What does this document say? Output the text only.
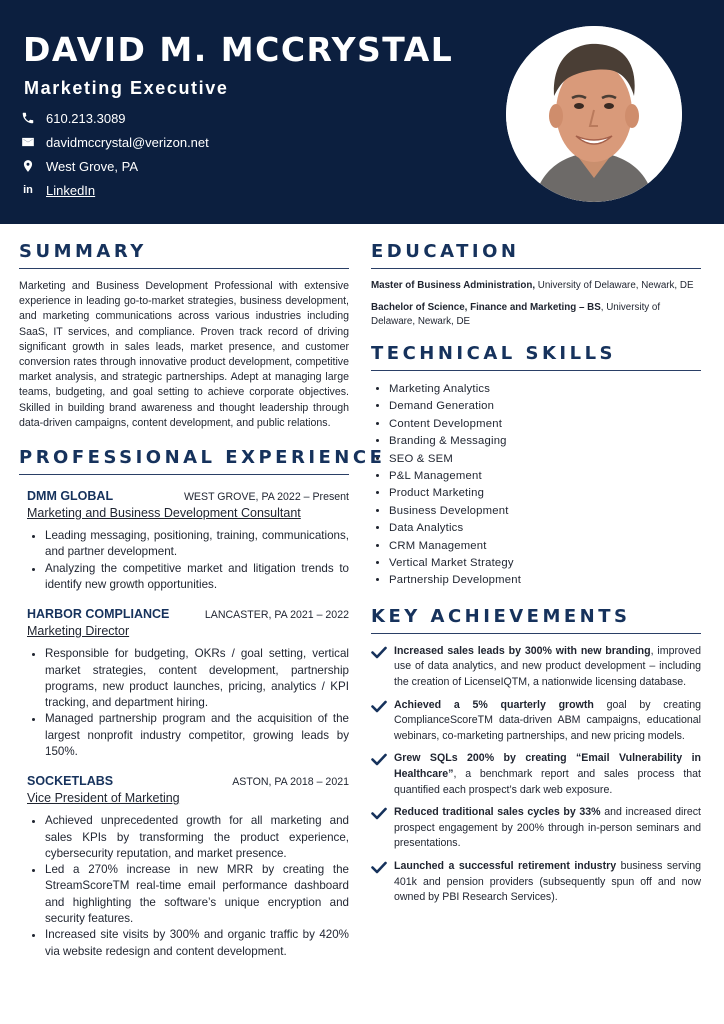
DAVID M. MCCRYSTAL
Marketing Executive
610.213.3089
davidmccrystal@verizon.net
West Grove, PA
in LinkedIn
SUMMARY

Marketing and Business Development Professional with extensive experience in leading go-to-market strategies, business development, and marketing communications across various industries including SaaS, IT services, and compliance. Proven track record of driving significant growth in sales leads, market presence, and customer conversion rates through innovative product development, competitive market analysis, and strategic partnerships. Adept at managing large teams, budgeting, and goal setting to achieve corporate objectives. Skilled in building brand awareness and thought leadership through data-driven campaigns, content development, and public relations.

PROFESSIONAL EXPERIENCE
DMM GLOBAL	WEST GROVE, PA 2022 – Present
Marketing and Business Development Consultant
• Leading messaging, positioning, training, communications, and partner development.
• Analyzing the competitive market and litigation trends to identify new growth opportunities.
HARBOR COMPLIANCE	LANCASTER, PA 2021 – 2022
Marketing Director
• Responsible for budgeting, OKRs / goal setting, vertical market strategies, content development, partnership programs, new product launches, pricing, analytics / KPI tracking, and department hiring.
• Managed partnership program and the acquisition of the largest nonprofit industry competitor, growing leads by 150%.
SOCKETLABS	ASTON, PA 2018 – 2021
Vice President of Marketing
• Achieved unprecedented growth for all marketing and sales KPIs by transforming the product experience, cybersecurity reputation, and market presence.
• Led a 270% increase in new MRR by creating the StreamScoreTM real-time email performance dashboard and highlighting the software’s unique encryption and security features.
• Increased site visits by 300% and organic traffic by 420% via website redesign and content development.
EDUCATION
Master of Business Administration, University of Delaware, Newark, DE
Bachelor of Science, Finance and Marketing – BS, University of Delaware, Newark, DE
TECHNICAL SKILLS
• Marketing Analytics
• Demand Generation
• Content Development
• Branding & Messaging
• SEO & SEM
• P&L Management
• Product Marketing
• Business Development
• Data Analytics
• CRM Management
• Vertical Market Strategy
• Partnership Development
KEY ACHIEVEMENTS
Increased sales leads by 300% with new branding, improved use of data analytics, and new product development – including the creation of LicenseIQTM, a nationwide licensing database.
Achieved a 5% quarterly growth goal by creating ComplianceScoreTM data-driven ABM campaigns, educational webinars, co-marketing partnerships, and new pricing models.
Grew SQLs 200% by creating “Email Vulnerability in Healthcare”, a benchmark report and sales process that quantified each prospect’s dark web exposure.
Reduced traditional sales cycles by 33% and increased direct prospect engagement by 200% through in-person seminars and presentations.
Launched a successful retirement industry business serving 401k and pension providers (subsequently spun off and now owned by PBI Research Services).
